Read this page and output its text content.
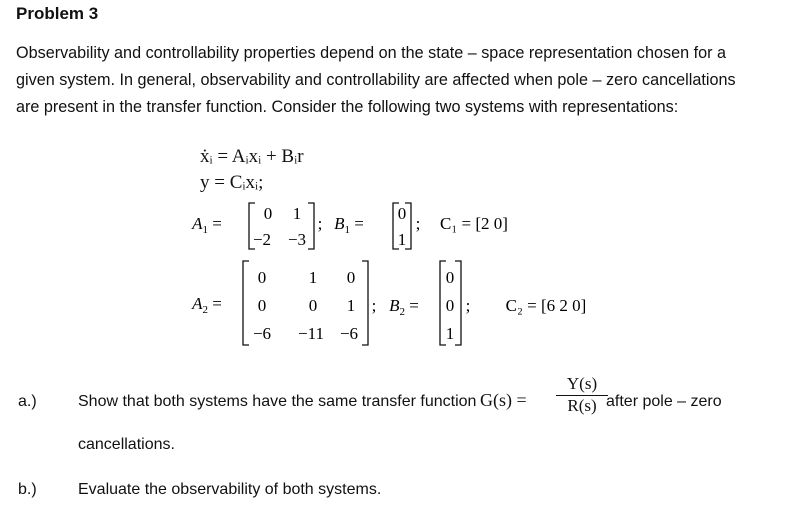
Problem 3
Observability and controllability properties depend on the state – space representation chosen for a
given system. In general, observability and controllability are affected when pole – zero cancellations
are present in the transfer function. Consider the following two systems with representations:
ẋᵢ = Aᵢxᵢ + Bᵢr
y = Cᵢxᵢ;
$A_1$ =
0 1
−2 −3
; $B_1$ =
0
1
; C₁ = [2 0]
$A_2$ =
0	1 0
0	0 1
−6 −11 −6
; $B_2$ =
0
0
1
; C₂ = [6 2 0]
a.)	Show that both systems have the same transfer function $G(s) = \frac{Y(s)}{R(s)}$
after pole – zero
cancellations.
b.)	Evaluate the observability of both systems.
